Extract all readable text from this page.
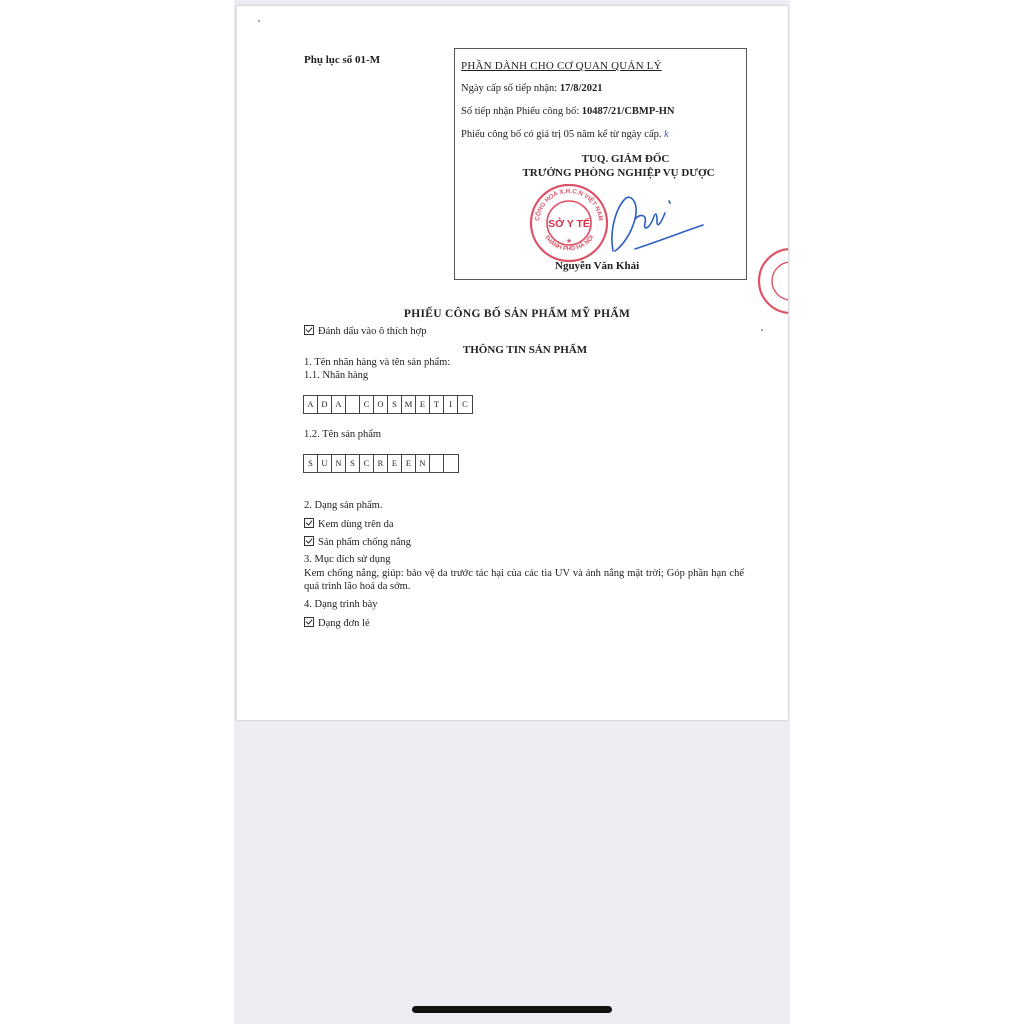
Phụ lục số 01-M	PHẦN DÀNH CHO CƠ QUAN QUẢN LÝ
Ngày cấp số tiếp nhận: 17/8/2021
Số tiếp nhận Phiếu công bố: 10487/21/CBMP-HN
Phiếu công bố có giá trị 05 năm kể từ ngày cấp. k
TUQ. GIÁM ĐỐC
TRƯỞNG PHÒNG NGHIỆP VỤ DƯỢC
CỘNG HOÀ X.H.C.N VIỆT NAM
THÀNH PHỐ HÀ NỘI
SỞ Y TẾ
★
Nguyễn Văn Khải
PHIẾU CÔNG BỐ SẢN PHẨM MỸ PHẨM
Đánh dấu vào ô thích hợp
THÔNG TIN SẢN PHẨM
1. Tên nhãn hàng và tên sản phẩm:
1.1. Nhãn hàng
A D A	C O	S M E	T	I	C
1.2. Tên sản phẩm
S	U N	S	C R	E	E N
2. Dạng sản phẩm.
Kem dùng trên da
Sản phẩm chống nắng
3. Mục đích sử dụng
Kem chống nắng, giúp: bảo vệ da trước tác hại của các tia UV và ánh nắng mặt trời; Góp phần hạn chế quá trình lão hoá da sớm.
4. Dạng trình bày
Dạng đơn lẻ
